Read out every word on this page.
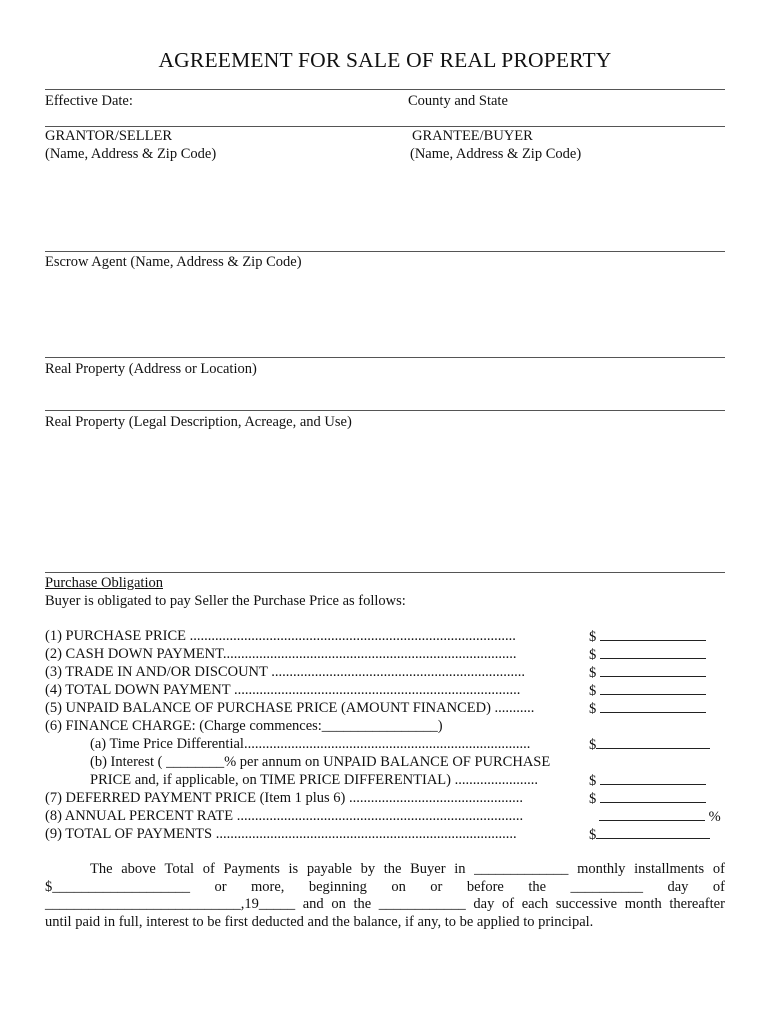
AGREEMENT FOR SALE OF REAL PROPERTY
Effective Date:	County and State
GRANTOR/SELLER
(Name, Address & Zip Code)
GRANTEE/BUYER
(Name, Address & Zip Code)
Escrow Agent (Name, Address & Zip Code)
Real Property (Address or Location)
Real Property (Legal Description, Acreage, and Use)
Purchase Obligation
Buyer is obligated to pay Seller the Purchase Price as follows:
(1) PURCHASE PRICE ..........................................................................................	$
(2) CASH DOWN PAYMENT.................................................................................	$
(3) TRADE IN AND/OR DISCOUNT ......................................................................	$
(4) TOTAL DOWN PAYMENT ...............................................................................	$
(5) UNPAID BALANCE OF PURCHASE PRICE (AMOUNT FINANCED) ...........	$
(6) FINANCE CHARGE: (Charge commences:________________)
(a) Time Price Differential...............................................................................	$
(b) Interest ( ________% per annum on UNPAID BALANCE OF PURCHASE
PRICE and, if applicable, on TIME PRICE DIFFERENTIAL) .......................	$
(7) DEFERRED PAYMENT PRICE (Item 1 plus 6) ................................................	$
(8) ANNUAL PERCENT RATE ...............................................................................	%
(9) TOTAL OF PAYMENTS ...................................................................................	$
The above Total of Payments is payable by the Buyer in _____________ monthly installments of
$___________________ or more, beginning on or before the __________ day of
___________________________,19_____ and on the ____________ day of each successive month thereafter
until paid in full, interest to be first deducted and the balance, if any, to be applied to principal.
